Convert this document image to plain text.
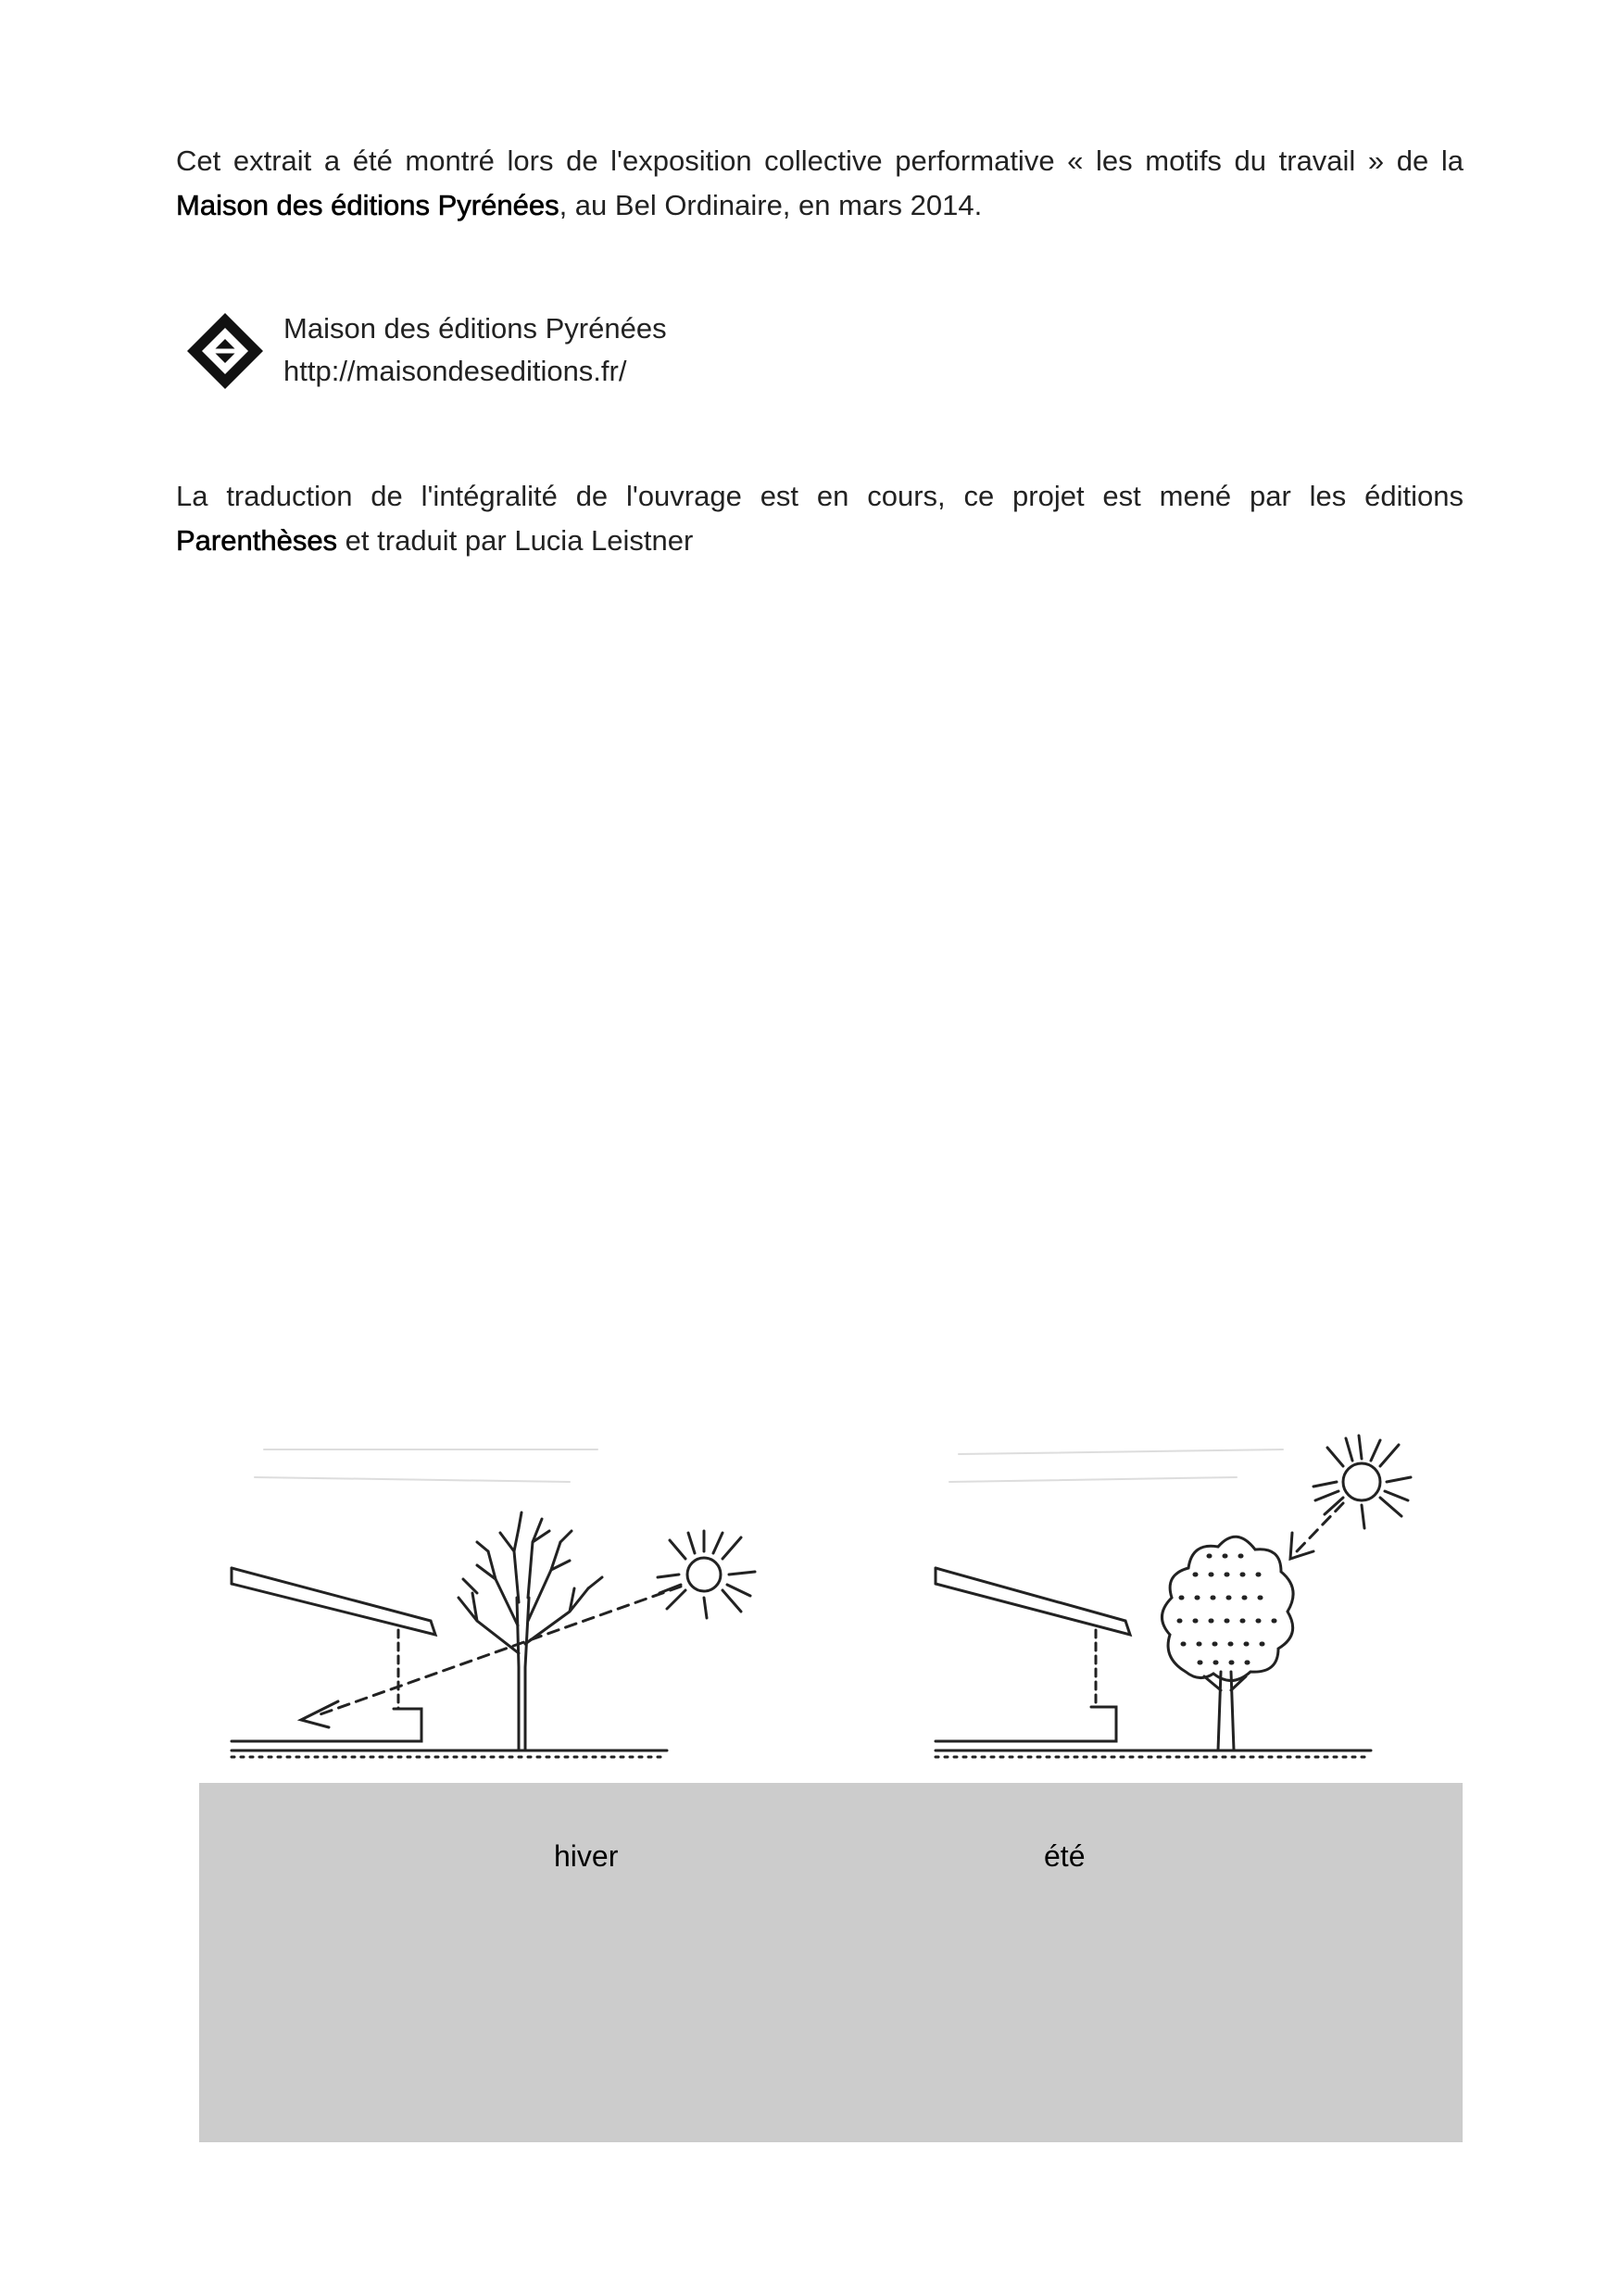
Cet extrait a été montré lors de l'exposition collective performative « les motifs du travail » de la Maison des éditions Pyrénées, au Bel Ordinaire, en mars 2014.

Maison des éditions Pyrénées
http://maisondeseditions.fr/

La traduction de l'intégralité de l'ouvrage est en cours, ce projet est mené par les éditions Parenthèses et traduit par Lucia Leistner

hiver	été
